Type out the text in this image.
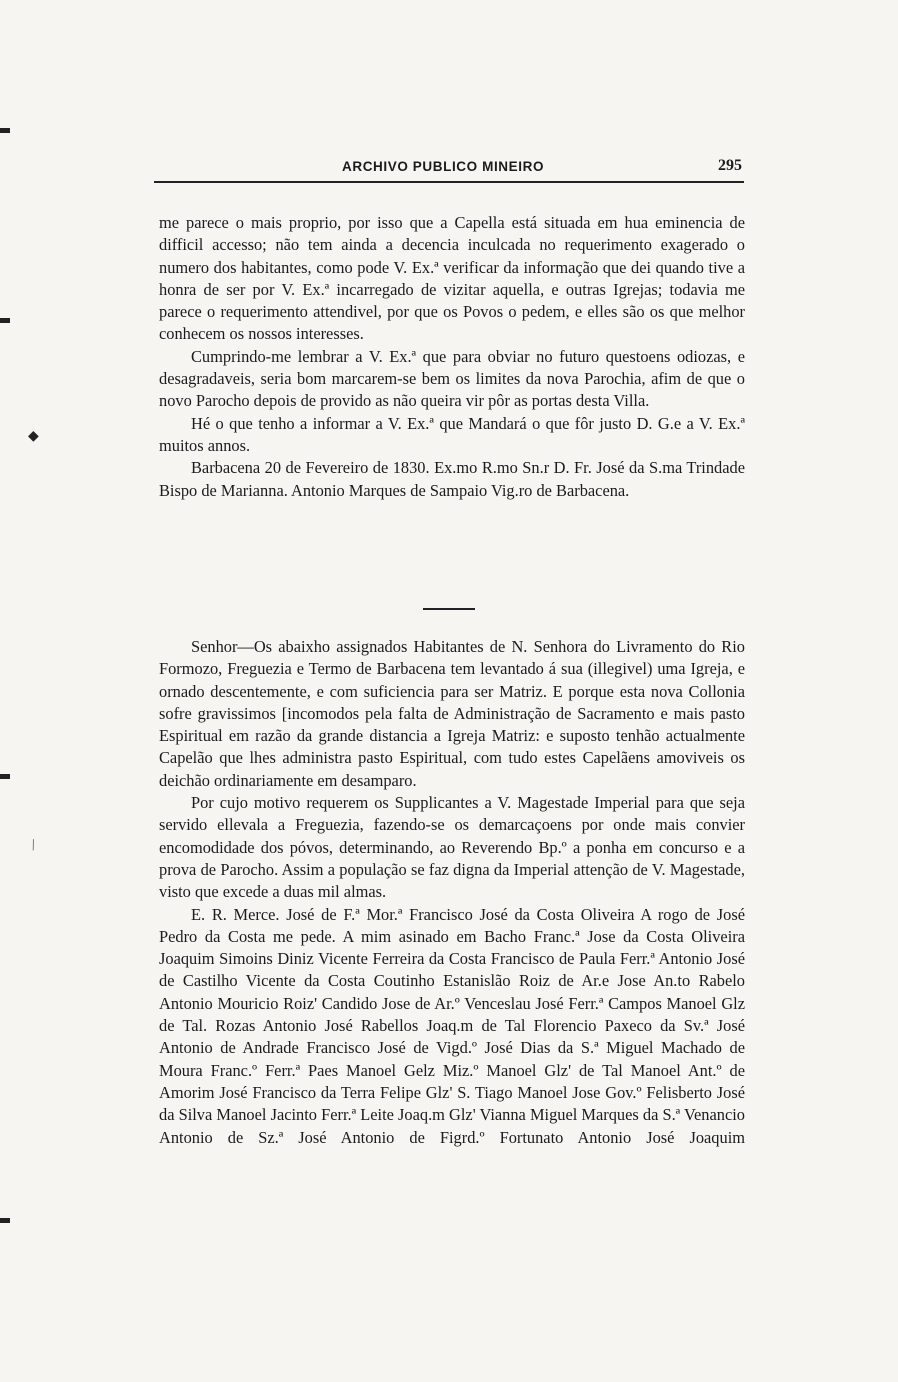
ARCHIVO PUBLICO MINEIRO	295

me parece o mais proprio, por isso que a Capella está situada em hua eminencia de difficil accesso; não tem ainda a decencia inculcada no requerimento exagerado o numero dos habitantes, como pode V. Ex.ª verificar da informação que dei quando tive a honra de ser por V. Ex.ª incarregado de vizitar aquella, e outras Igrejas; todavia me parece o requerimento attendivel, por que os Povos o pedem, e elles são os que melhor conhecem os nossos interesses.

Cumprindo-me lembrar a V. Ex.ª que para obviar no futuro questoens odiozas, e desagradaveis, seria bom marcarem-se bem os limites da nova Parochia, afim de que o novo Parocho depois de provido as não queira vir pôr as portas desta Villa.

Hé o que tenho a informar a V. Ex.ª que Mandará o que fôr justo D. G.e a V. Ex.ª muitos annos.

Barbacena 20 de Fevereiro de 1830. Ex.mo R.mo Sn.r D. Fr. José da S.ma Trindade Bispo de Marianna. Antonio Marques de Sampaio Vig.ro de Barbacena.

Senhor—Os abaixho assignados Habitantes de N. Senhora do Livramento do Rio Formozo, Freguezia e Termo de Barbacena tem levantado á sua (illegivel) uma Igreja, e ornado descentemente, e com suficiencia para ser Matriz. E porque esta nova Collonia sofre gravissimos [incomodos pela falta de Administração de Sacramento e mais pasto Espiritual em razão da grande distancia a Igreja Matriz: e suposto tenhão actualmente Capelão que lhes administra pasto Espiritual, com tudo estes Capelãens amoviveis os deichão ordinariamente em desamparo.

Por cujo motivo requerem os Supplicantes a V. Magestade Imperial para que seja servido ellevala a Freguezia, fazendo-se os demarcaçoens por onde mais convier encomodidade dos póvos, determinando, ao Reverendo Bp.º a ponha em concurso e a prova de Parocho. Assim a população se faz digna da Imperial attenção de V. Magestade, visto que excede a duas mil almas.

E. R. Merce. José de F.ª Mor.ª Francisco José da Costa Oliveira A rogo de José Pedro da Costa me pede. A mim asinado em Bacho Franc.ª Jose da Costa Oliveira Joaquim Simoins Diniz Vicente Ferreira da Costa Francisco de Paula Ferr.ª Antonio José de Castilho Vicente da Costa Coutinho Estanislão Roiz de Ar.e Jose An.to Rabelo Antonio Mouricio Roiz' Candido Jose de Ar.º Venceslau José Ferr.ª Campos Manoel Glz de Tal. Rozas Antonio José Rabellos Joaq.m de Tal Florencio Paxeco da Sv.ª José Antonio de Andrade Francisco José de Vigd.º José Dias da S.ª Miguel Machado de Moura Franc.º Ferr.ª Paes Manoel Gelz Miz.º Manoel Glz' de Tal Manoel Ant.º de Amorim José Francisco da Terra Felipe Glz' S. Tiago Manoel Jose Gov.º Felisberto José da Silva Manoel Jacinto Ferr.ª Leite Joaq.m Glz' Vianna Miguel Marques da S.ª Venancio Antonio de Sz.ª José Antonio de Figrd.º Fortunato Antonio José Joaquim

◆
⁄
